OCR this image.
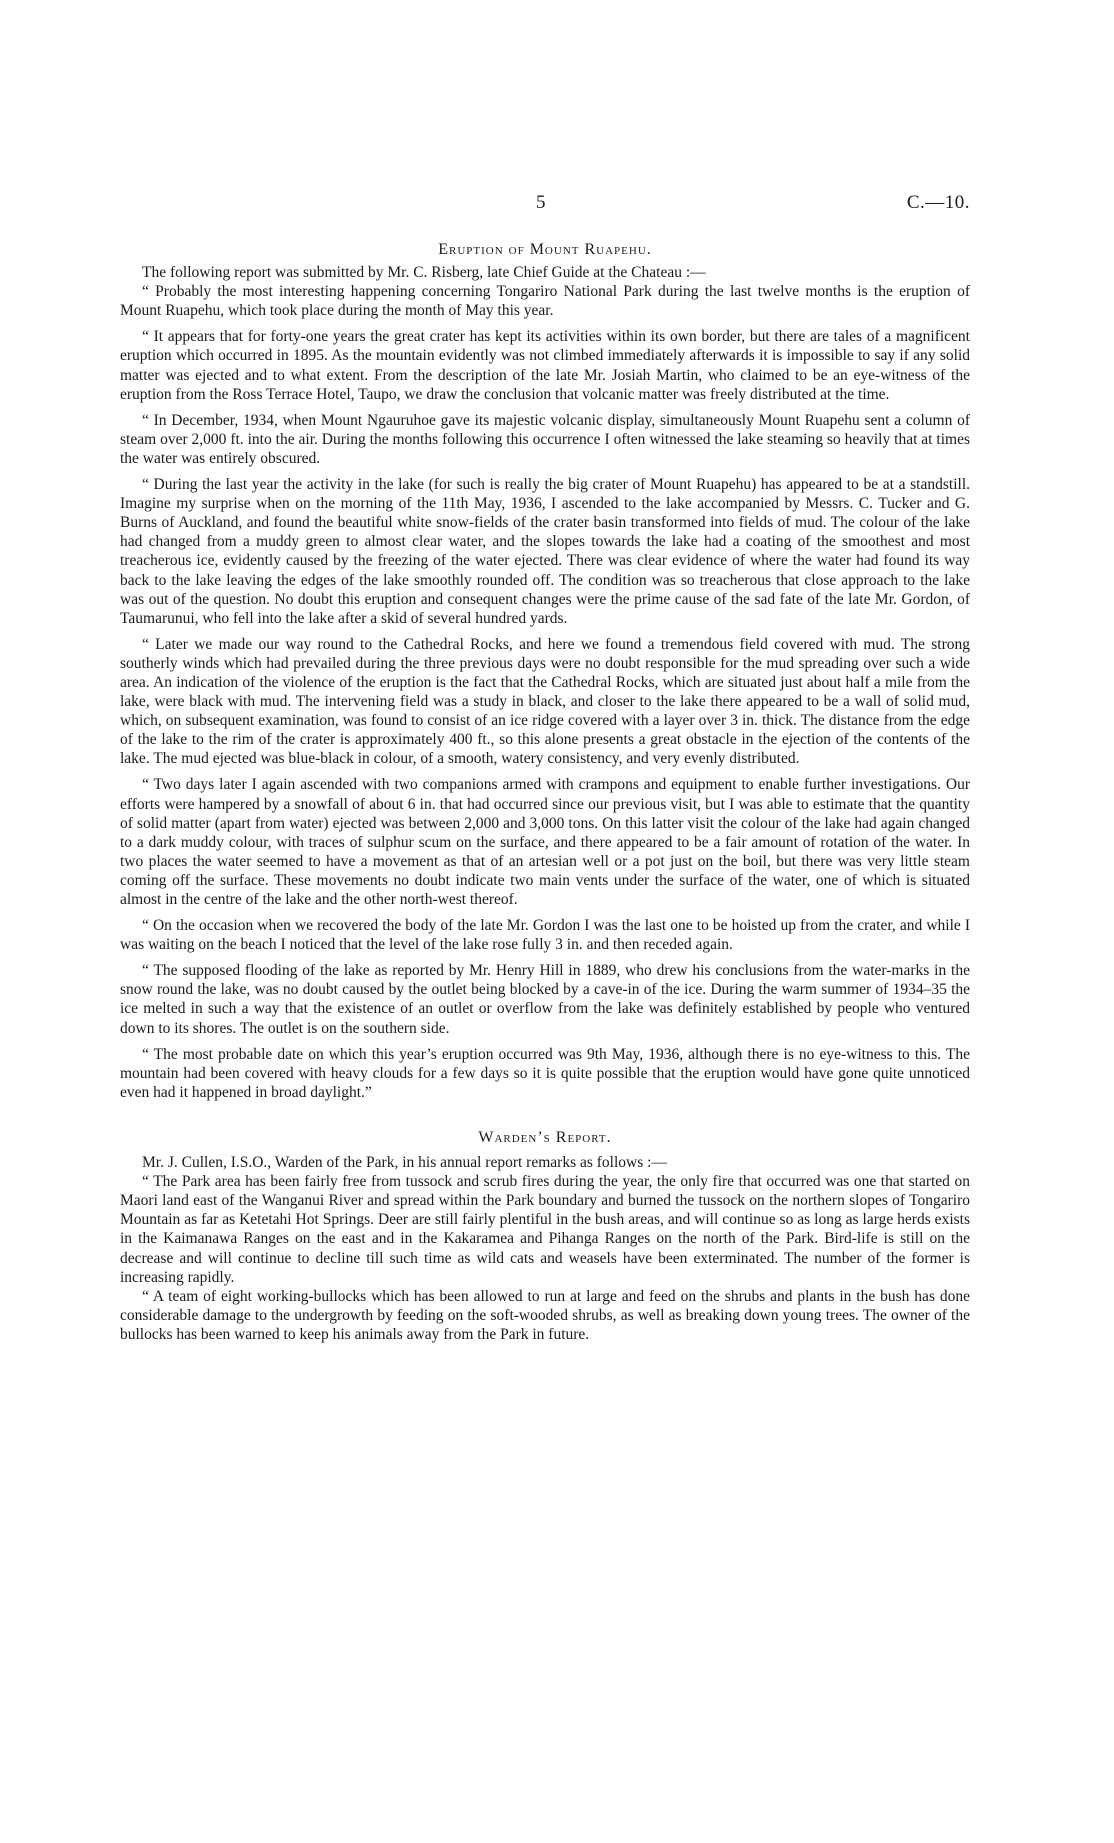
5	C.—10.
Eruption of Mount Ruapehu.

The following report was submitted by Mr. C. Risberg, late Chief Guide at the Chateau :—

“ Probably the most interesting happening concerning Tongariro National Park during the last twelve months is the eruption of Mount Ruapehu, which took place during the month of May this year.

“ It appears that for forty-one years the great crater has kept its activities within its own border, but there are tales of a magnificent eruption which occurred in 1895. As the mountain evidently was not climbed immediately afterwards it is impossible to say if any solid matter was ejected and to what extent. From the description of the late Mr. Josiah Martin, who claimed to be an eye-witness of the eruption from the Ross Terrace Hotel, Taupo, we draw the conclusion that volcanic matter was freely distributed at the time.

“ In December, 1934, when Mount Ngauruhoe gave its majestic volcanic display, simultaneously Mount Ruapehu sent a column of steam over 2,000 ft. into the air. During the months following this occurrence I often witnessed the lake steaming so heavily that at times the water was entirely obscured.

“ During the last year the activity in the lake (for such is really the big crater of Mount Ruapehu) has appeared to be at a standstill. Imagine my surprise when on the morning of the 11th May, 1936, I ascended to the lake accompanied by Messrs. C. Tucker and G. Burns of Auckland, and found the beautiful white snow-fields of the crater basin transformed into fields of mud. The colour of the lake had changed from a muddy green to almost clear water, and the slopes towards the lake had a coating of the smoothest and most treacherous ice, evidently caused by the freezing of the water ejected. There was clear evidence of where the water had found its way back to the lake leaving the edges of the lake smoothly rounded off. The condition was so treacherous that close approach to the lake was out of the question. No doubt this eruption and consequent changes were the prime cause of the sad fate of the late Mr. Gordon, of Taumarunui, who fell into the lake after a skid of several hundred yards.

“ Later we made our way round to the Cathedral Rocks, and here we found a tremendous field covered with mud. The strong southerly winds which had prevailed during the three previous days were no doubt responsible for the mud spreading over such a wide area. An indication of the violence of the eruption is the fact that the Cathedral Rocks, which are situated just about half a mile from the lake, were black with mud. The intervening field was a study in black, and closer to the lake there appeared to be a wall of solid mud, which, on subsequent examination, was found to consist of an ice ridge covered with a layer over 3 in. thick. The distance from the edge of the lake to the rim of the crater is approximately 400 ft., so this alone presents a great obstacle in the ejection of the contents of the lake. The mud ejected was blue-black in colour, of a smooth, watery consistency, and very evenly distributed.

“ Two days later I again ascended with two companions armed with crampons and equipment to enable further investigations. Our efforts were hampered by a snowfall of about 6 in. that had occurred since our previous visit, but I was able to estimate that the quantity of solid matter (apart from water) ejected was between 2,000 and 3,000 tons. On this latter visit the colour of the lake had again changed to a dark muddy colour, with traces of sulphur scum on the surface, and there appeared to be a fair amount of rotation of the water. In two places the water seemed to have a movement as that of an artesian well or a pot just on the boil, but there was very little steam coming off the surface. These movements no doubt indicate two main vents under the surface of the water, one of which is situated almost in the centre of the lake and the other north-west thereof.

“ On the occasion when we recovered the body of the late Mr. Gordon I was the last one to be hoisted up from the crater, and while I was waiting on the beach I noticed that the level of the lake rose fully 3 in. and then receded again.

“ The supposed flooding of the lake as reported by Mr. Henry Hill in 1889, who drew his conclusions from the water-marks in the snow round the lake, was no doubt caused by the outlet being blocked by a cave-in of the ice. During the warm summer of 1934–35 the ice melted in such a way that the existence of an outlet or overflow from the lake was definitely established by people who ventured down to its shores. The outlet is on the southern side.

“ The most probable date on which this year’s eruption occurred was 9th May, 1936, although there is no eye-witness to this. The mountain had been covered with heavy clouds for a few days so it is quite possible that the eruption would have gone quite unnoticed even had it happened in broad daylight.”

Warden’s Report.

Mr. J. Cullen, I.S.O., Warden of the Park, in his annual report remarks as follows :—

“ The Park area has been fairly free from tussock and scrub fires during the year, the only fire that occurred was one that started on Maori land east of the Wanganui River and spread within the Park boundary and burned the tussock on the northern slopes of Tongariro Mountain as far as Ketetahi Hot Springs. Deer are still fairly plentiful in the bush areas, and will continue so as long as large herds exists in the Kaimanawa Ranges on the east and in the Kakaramea and Pihanga Ranges on the north of the Park. Bird-life is still on the decrease and will continue to decline till such time as wild cats and weasels have been exterminated. The number of the former is increasing rapidly.

“ A team of eight working-bullocks which has been allowed to run at large and feed on the shrubs and plants in the bush has done considerable damage to the undergrowth by feeding on the soft-wooded shrubs, as well as breaking down young trees. The owner of the bullocks has been warned to keep his animals away from the Park in future.
